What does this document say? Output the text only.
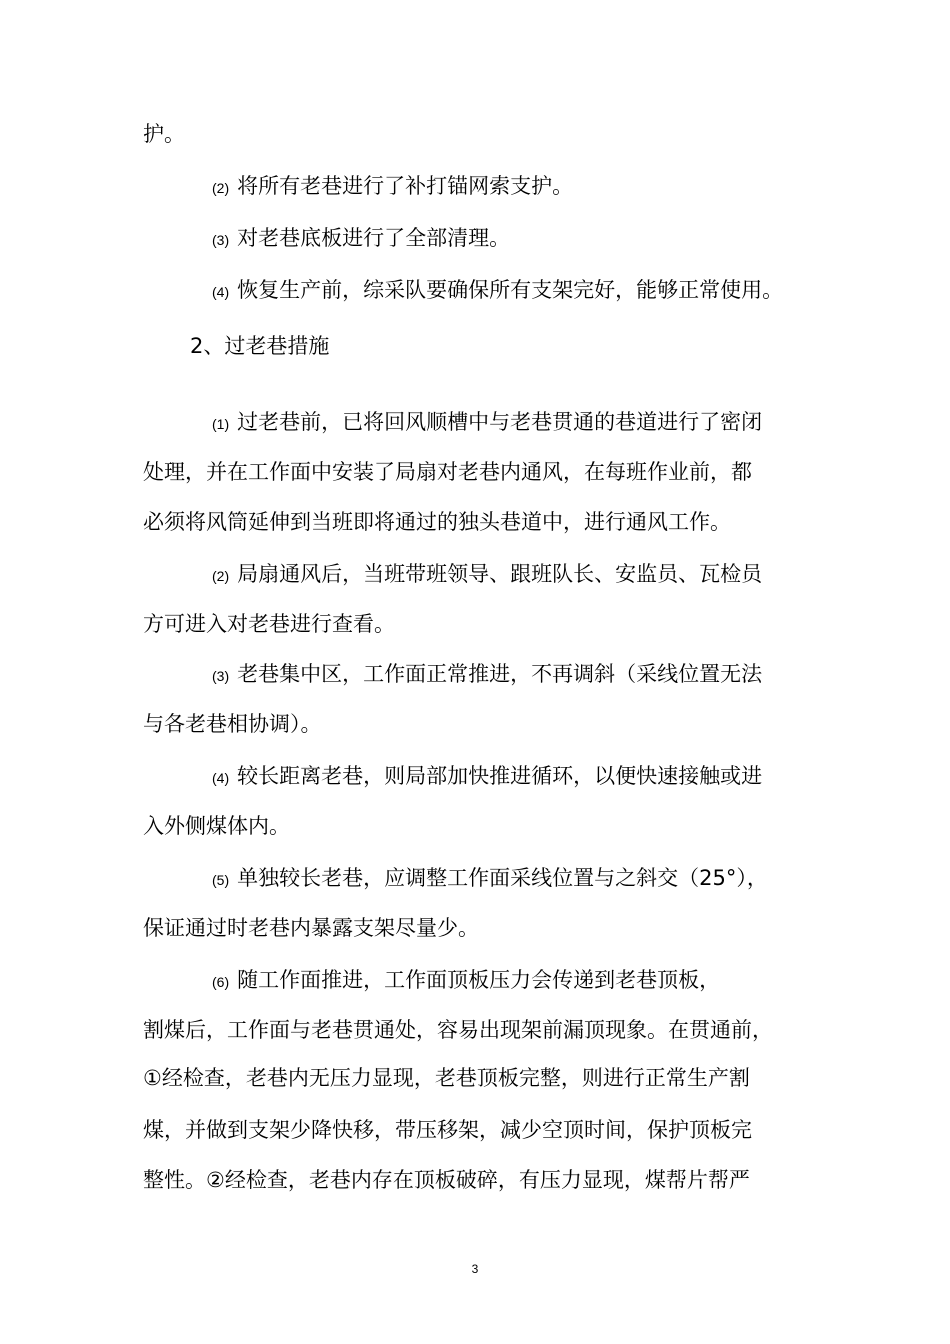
护。
(2) 将所有老巷进行了补打锚网索支护。
(3) 对老巷底板进行了全部清理。
(4) 恢复生产前，综采队要确保所有支架完好，能够正常使用。
2、过老巷措施
(1) 过老巷前，已将回风顺槽中与老巷贯通的巷道进行了密闭
处理，并在工作面中安装了局扇对老巷内通风，在每班作业前，都
必须将风筒延伸到当班即将通过的独头巷道中，进行通风工作。
(2) 局扇通风后，当班带班领导、跟班队长、安监员、瓦检员
方可进入对老巷进行查看。
(3) 老巷集中区，工作面正常推进，不再调斜（采线位置无法
与各老巷相协调）。
(4) 较长距离老巷，则局部加快推进循环，以便快速接触或进
入外侧煤体内。
(5) 单独较长老巷，应调整工作面采线位置与之斜交（25°），
保证通过时老巷内暴露支架尽量少。
(6) 随工作面推进，工作面顶板压力会传递到老巷顶板，
割煤后，工作面与老巷贯通处，容易出现架前漏顶现象。在贯通前，
①经检查，老巷内无压力显现，老巷顶板完整，则进行正常生产割
煤，并做到支架少降快移，带压移架，减少空顶时间，保护顶板完
整性。②经检查，老巷内存在顶板破碎，有压力显现，煤帮片帮严
3
